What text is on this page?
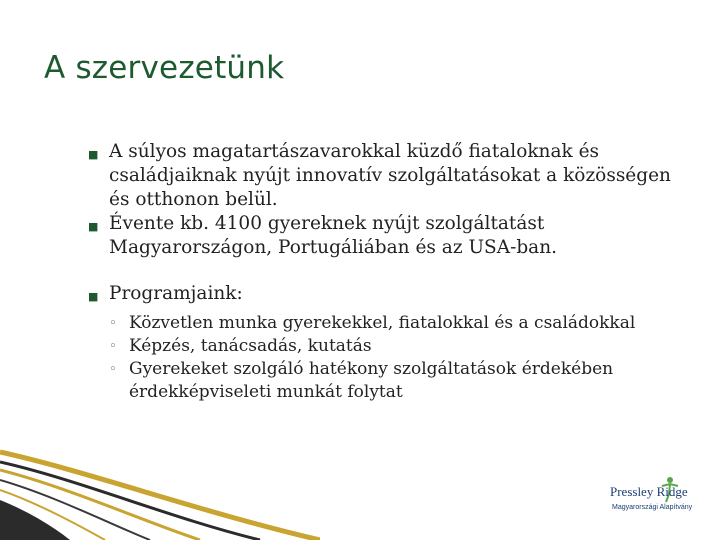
A szervezetünk
■ A súlyos magatartászavarokkal küzdő fiataloknak és családjaiknak nyújt innovatív szolgáltatásokat a közösségen és otthonon belül.
■ Évente kb. 4100 gyereknek nyújt szolgáltatást Magyarországon, Portugáliában és az USA-ban.
■ Programjaink:
◦ Közvetlen munka gyerekekkel, fiatalokkal és a családokkal
◦ Képzés, tanácsadás, kutatás
◦ Gyerekeket szolgáló hatékony szolgáltatások érdekében érdekképviseleti munkát folytat
Pressley Ridge
Magyarországi Alapítvány
